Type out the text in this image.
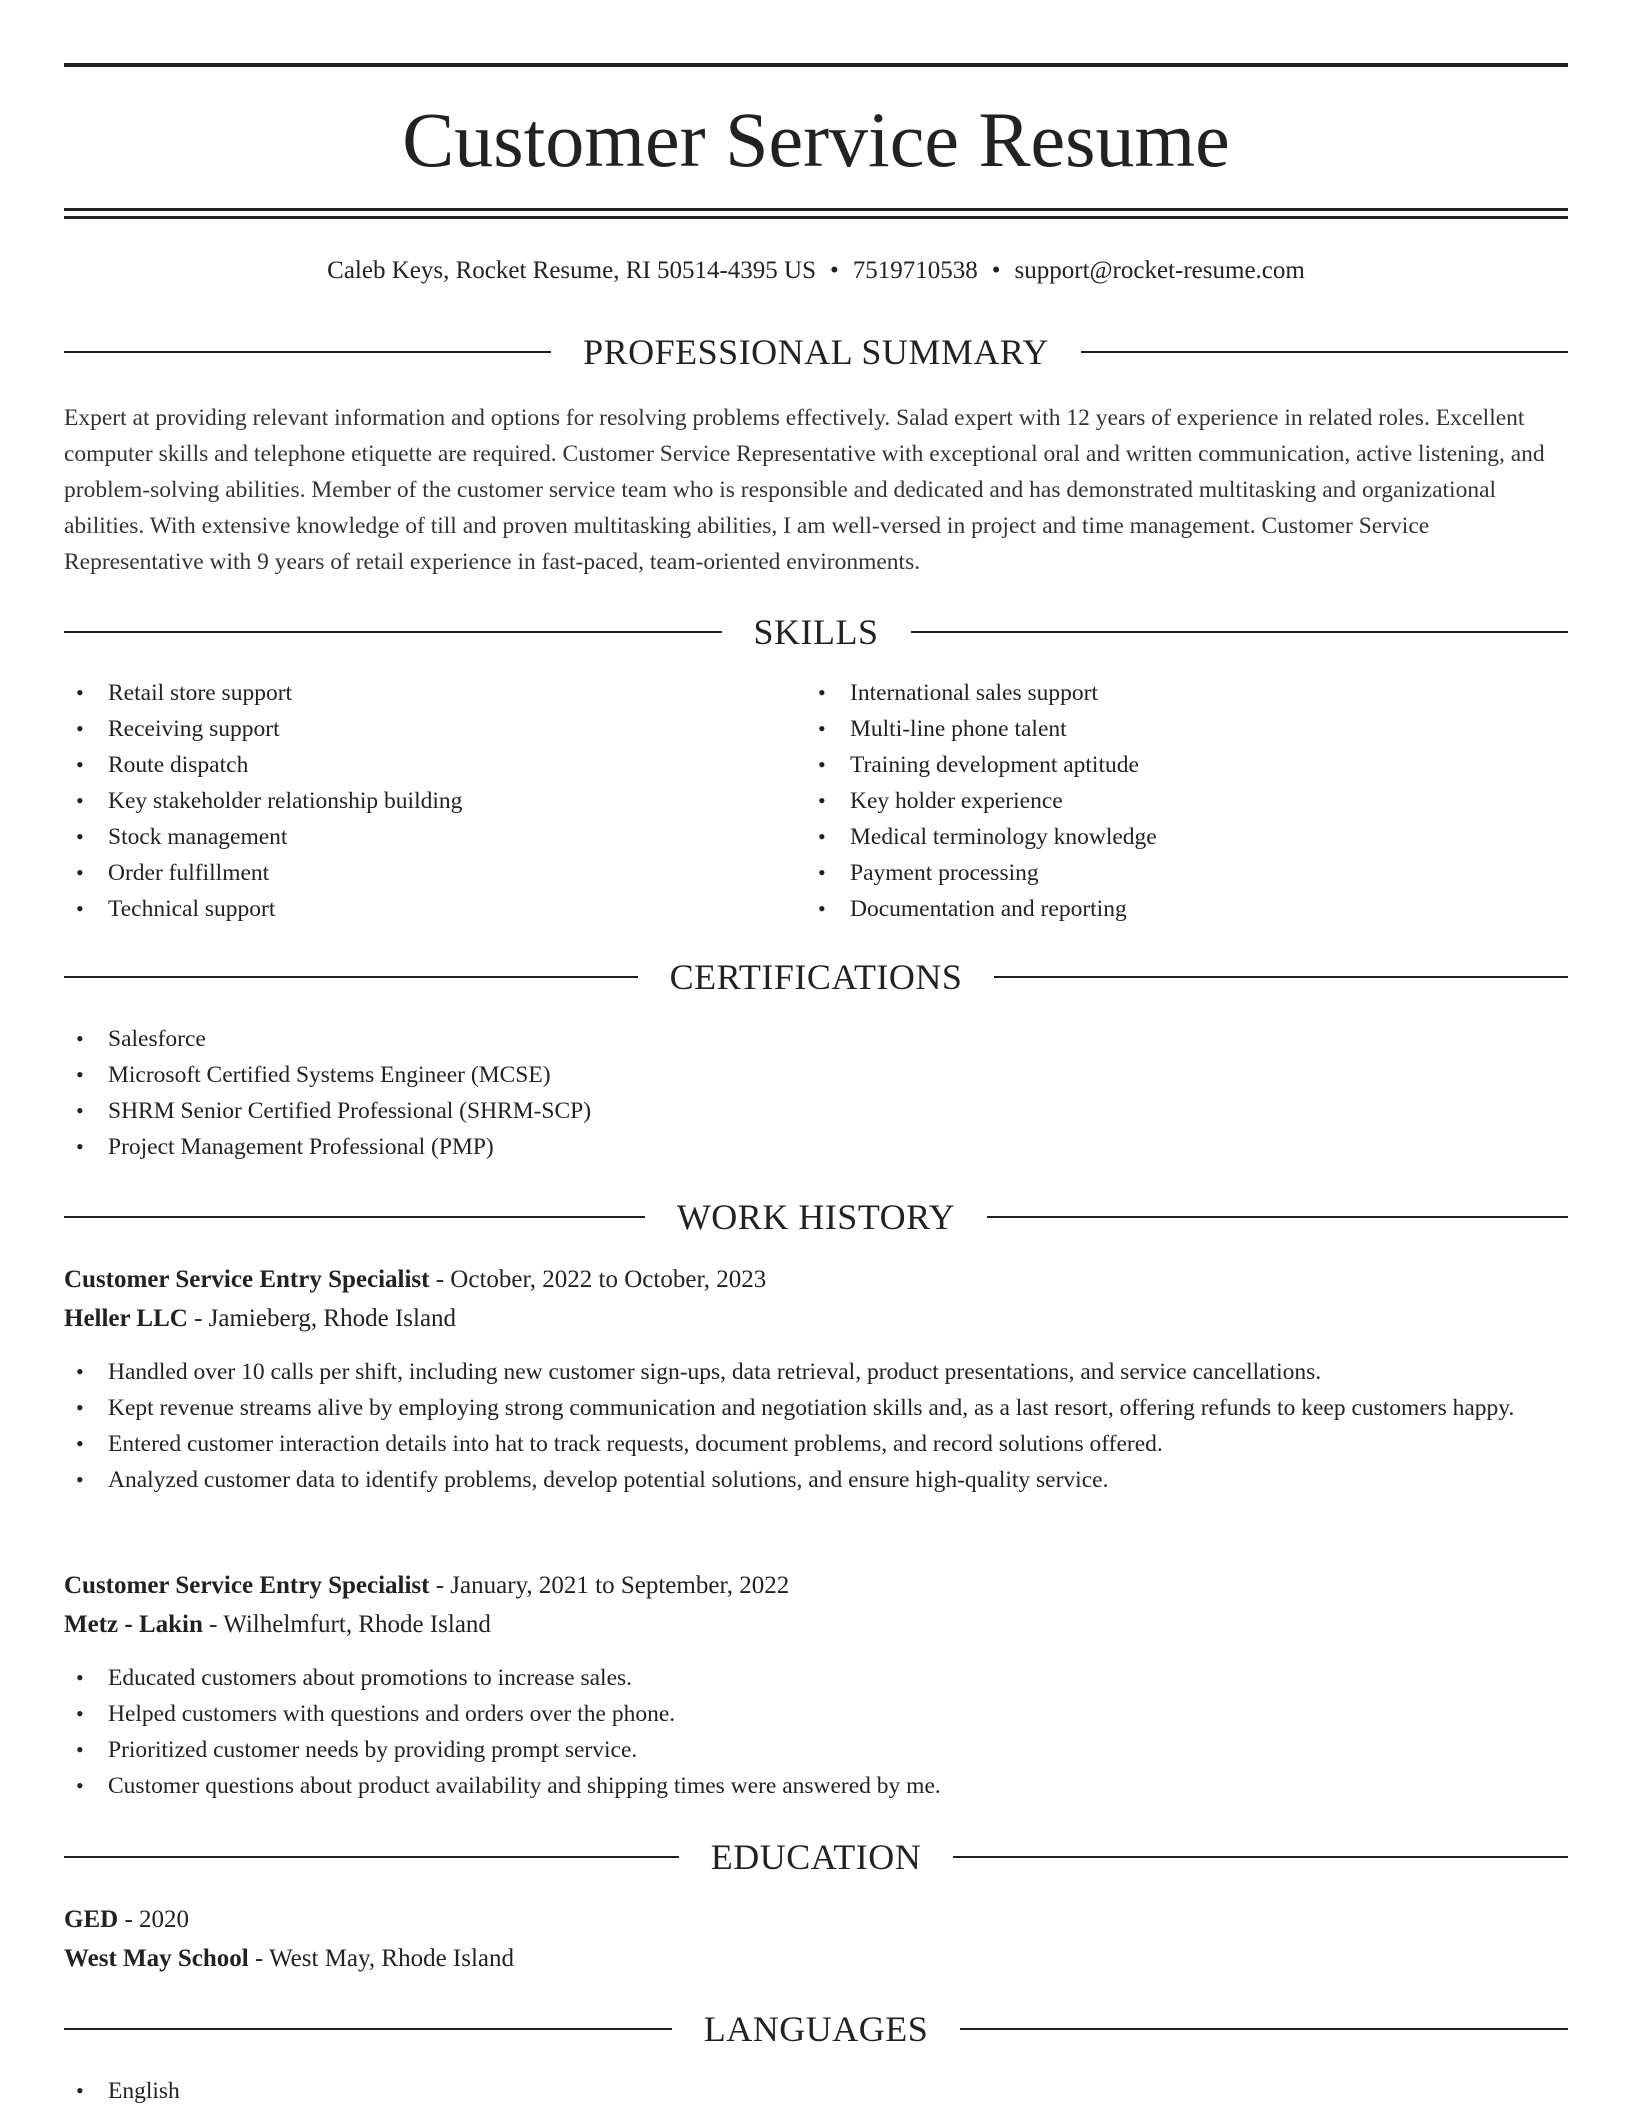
Customer Service Resume
Caleb Keys, Rocket Resume, RI 50514-4395 US • 7519710538 • support@rocket-resume.com
PROFESSIONAL SUMMARY
Expert at providing relevant information and options for resolving problems effectively. Salad expert with 12 years of experience in related roles. Excellent computer skills and telephone etiquette are required. Customer Service Representative with exceptional oral and written communication, active listening, and problem-solving abilities. Member of the customer service team who is responsible and dedicated and has demonstrated multitasking and organizational abilities. With extensive knowledge of till and proven multitasking abilities, I am well-versed in project and time management. Customer Service Representative with 9 years of retail experience in fast-paced, team-oriented environments.
SKILLS
• Retail store support
• Receiving support
• Route dispatch
• Key stakeholder relationship building
• Stock management
• Order fulfillment
• Technical support
• International sales support
• Multi-line phone talent
• Training development aptitude
• Key holder experience
• Medical terminology knowledge
• Payment processing
• Documentation and reporting
CERTIFICATIONS
• Salesforce
• Microsoft Certified Systems Engineer (MCSE)
• SHRM Senior Certified Professional (SHRM-SCP)
• Project Management Professional (PMP)
WORK HISTORY
Customer Service Entry Specialist - October, 2022 to October, 2023
Heller LLC - Jamieberg, Rhode Island
• Handled over 10 calls per shift, including new customer sign-ups, data retrieval, product presentations, and service cancellations.
• Kept revenue streams alive by employing strong communication and negotiation skills and, as a last resort, offering refunds to keep customers happy.
• Entered customer interaction details into hat to track requests, document problems, and record solutions offered.
• Analyzed customer data to identify problems, develop potential solutions, and ensure high-quality service.
Customer Service Entry Specialist - January, 2021 to September, 2022
Metz - Lakin - Wilhelmfurt, Rhode Island
• Educated customers about promotions to increase sales.
• Helped customers with questions and orders over the phone.
• Prioritized customer needs by providing prompt service.
• Customer questions about product availability and shipping times were answered by me.
EDUCATION
GED - 2020
West May School - West May, Rhode Island
LANGUAGES
• English
